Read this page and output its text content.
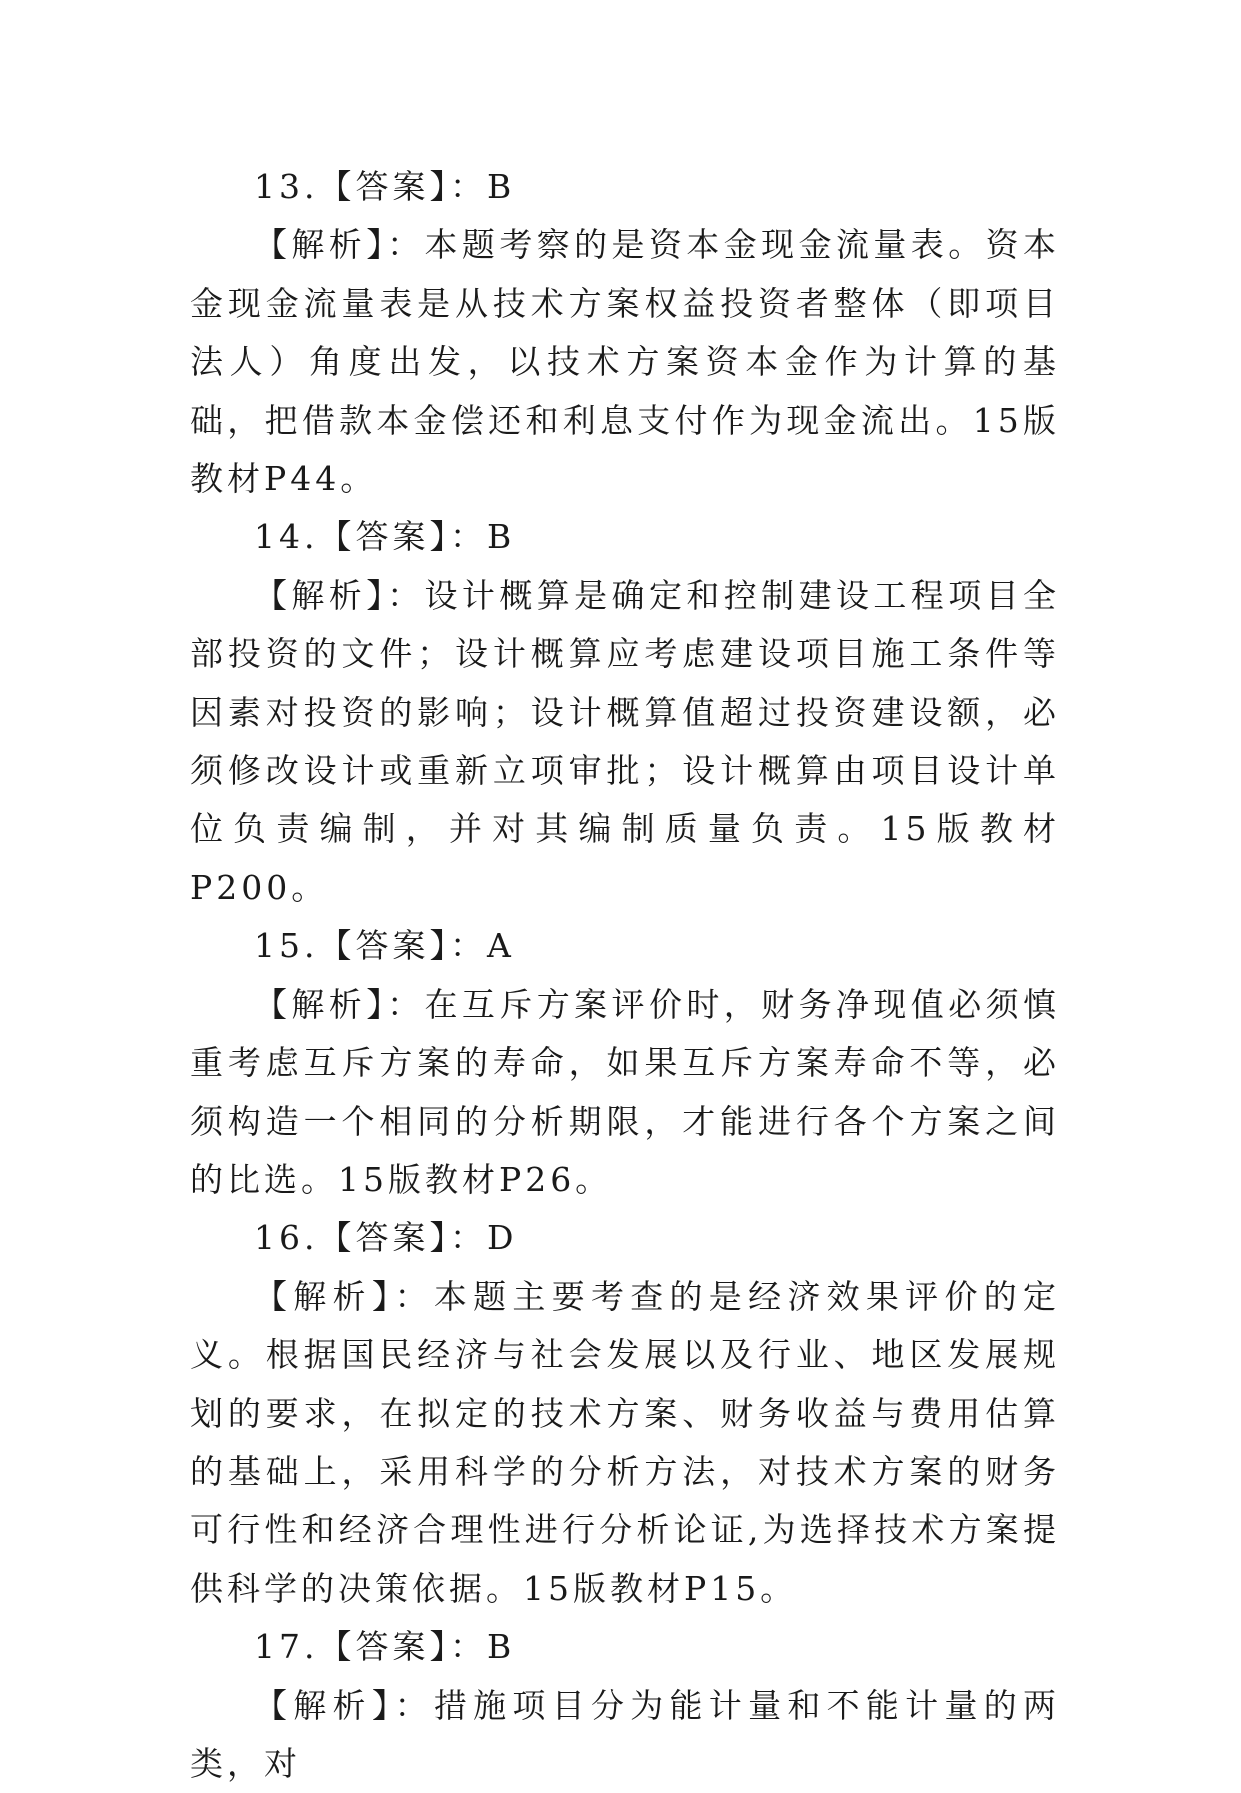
13.【答案】：B

【解析】：本题考察的是资本金现金流量表。资本金现金流量表是从技术方案权益投资者整体（即项目法人）角度出发，以技术方案资本金作为计算的基础，把借款本金偿还和利息支付作为现金流出。15版教材P44。

14.【答案】：B

【解析】：设计概算是确定和控制建设工程项目全部投资的文件；设计概算应考虑建设项目施工条件等因素对投资的影响；设计概算值超过投资建设额，必须修改设计或重新立项审批；设计概算由项目设计单位负责编制，并对其编制质量负责。15版教材P200。

15.【答案】：A

【解析】：在互斥方案评价时，财务净现值必须慎重考虑互斥方案的寿命，如果互斥方案寿命不等，必须构造一个相同的分析期限，才能进行各个方案之间的比选。15版教材P26。

16.【答案】：D

【解析】：本题主要考查的是经济效果评价的定义。根据国民经济与社会发展以及行业、地区发展规划的要求，在拟定的技术方案、财务收益与费用估算的基础上，采用科学的分析方法，对技术方案的财务可行性和经济合理性进行分析论证,为选择技术方案提供科学的决策依据。15版教材P15。

17.【答案】：B

【解析】：措施项目分为能计量和不能计量的两类，对
